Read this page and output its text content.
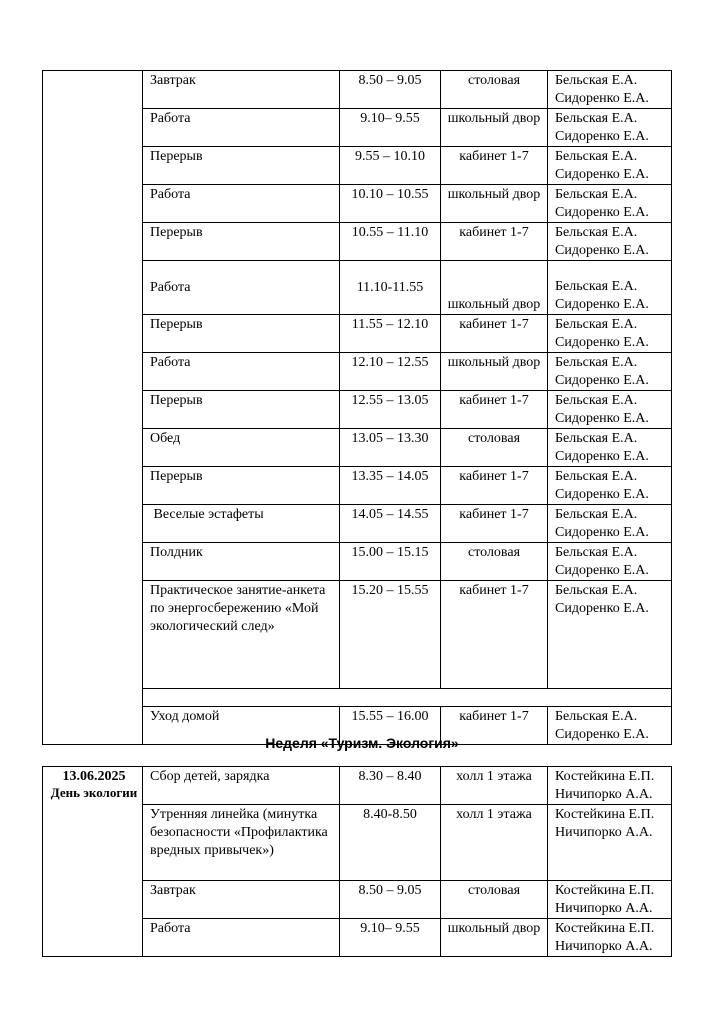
	Завтрак	8.50 – 9.05	столовая	Бельская Е.А.
Сидоренко Е.А.

	Работа	9.10– 9.55	школьный двор	Бельская Е.А.
Сидоренко Е.А.

	Перерыв	9.55 – 10.10	кабинет 1-7	Бельская Е.А.
Сидоренко Е.А.

	Работа	10.10 – 10.55	школьный двор	Бельская Е.А.
Сидоренко Е.А.

	Перерыв	10.55 – 11.10	кабинет 1-7	Бельская Е.А.
Сидоренко Е.А.

	Работа	11.10-11.55	школьный двор	Бельская Е.А.
Сидоренко Е.А.

	Перерыв	11.55 – 12.10	кабинет 1-7	Бельская Е.А.
Сидоренко Е.А.

	Работа	12.10 – 12.55	школьный двор	Бельская Е.А.
Сидоренко Е.А.

	Перерыв	12.55 – 13.05	кабинет 1-7	Бельская Е.А.
Сидоренко Е.А.

	Обед	13.05 – 13.30	столовая	Бельская Е.А.
Сидоренко Е.А.

	Перерыв	13.35 – 14.05	кабинет 1-7	Бельская Е.А.
Сидоренко Е.А.

	Веселые эстафеты	14.05 – 14.55	кабинет 1-7	Бельская Е.А.
Сидоренко Е.А.

	Полдник	15.00 – 15.15	столовая	Бельская Е.А.
Сидоренко Е.А.

	Практическое занятие-анкета по энергосбережению «Мой экологический след»	15.20 – 15.55	кабинет 1-7	Бельская Е.А.
Сидоренко Е.А.

	Уход домой	15.55 – 16.00	кабинет 1-7	Бельская Е.А.
Сидоренко Е.А.
Неделя «Туризм. Экология»
13.06.2025
День экологии	Сбор детей, зарядка	8.30 – 8.40	холл 1 этажа	Костейкина Е.П.
Ничипорко А.А.

	Утренняя линейка (минутка безопасности «Профилактика вредных привычек»)	8.40-8.50	холл 1 этажа	Костейкина Е.П.
Ничипорко А.А.

	Завтрак	8.50 – 9.05	столовая	Костейкина Е.П.
Ничипорко А.А.

	Работа	9.10– 9.55	школьный двор	Костейкина Е.П.
Ничипорко А.А.
